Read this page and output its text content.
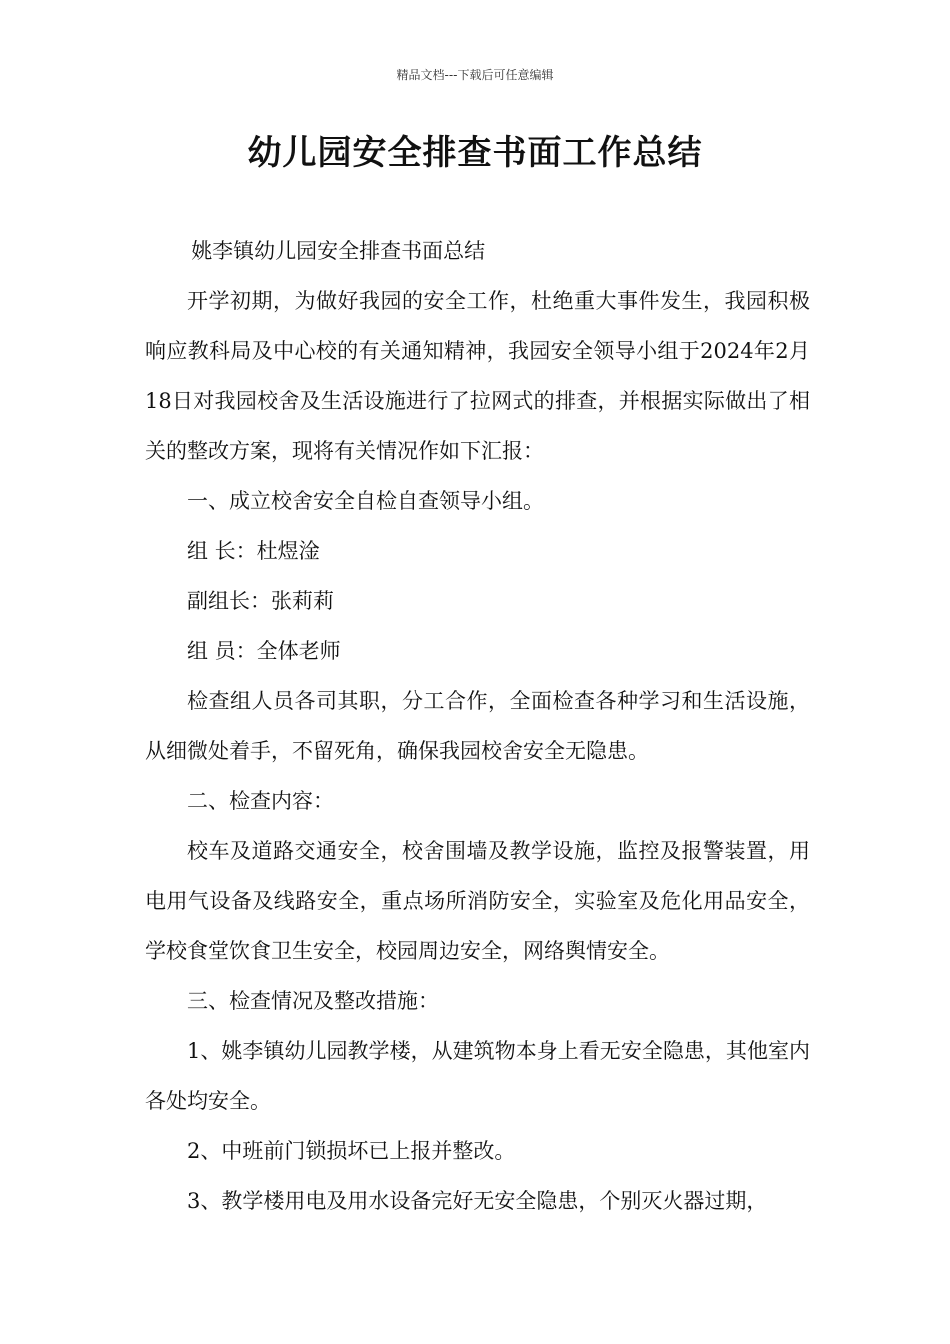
精品文档---下载后可任意编辑
幼儿园安全排查书面工作总结

姚李镇幼儿园安全排查书面总结

开学初期，为做好我园的安全工作，杜绝重大事件发生，我园积极响应教科局及中心校的有关通知精神，我园安全领导小组于2024年2月18日对我园校舍及生活设施进行了拉网式的排查，并根据实际做出了相关的整改方案，现将有关情况作如下汇报：

一、成立校舍安全自检自查领导小组。

组 长：杜煜淦

副组长：张莉莉

组 员：全体老师

检查组人员各司其职，分工合作，全面检查各种学习和生活设施，从细微处着手，不留死角，确保我园校舍安全无隐患。

二、检查内容：

校车及道路交通安全，校舍围墙及教学设施，监控及报警装置，用电用气设备及线路安全，重点场所消防安全，实验室及危化用品安全，学校食堂饮食卫生安全，校园周边安全，网络舆情安全。

三、检查情况及整改措施：

1、姚李镇幼儿园教学楼，从建筑物本身上看无安全隐患，其他室内各处均安全。

2、中班前门锁损坏已上报并整改。

3、教学楼用电及用水设备完好无安全隐患，个别灭火器过期，
